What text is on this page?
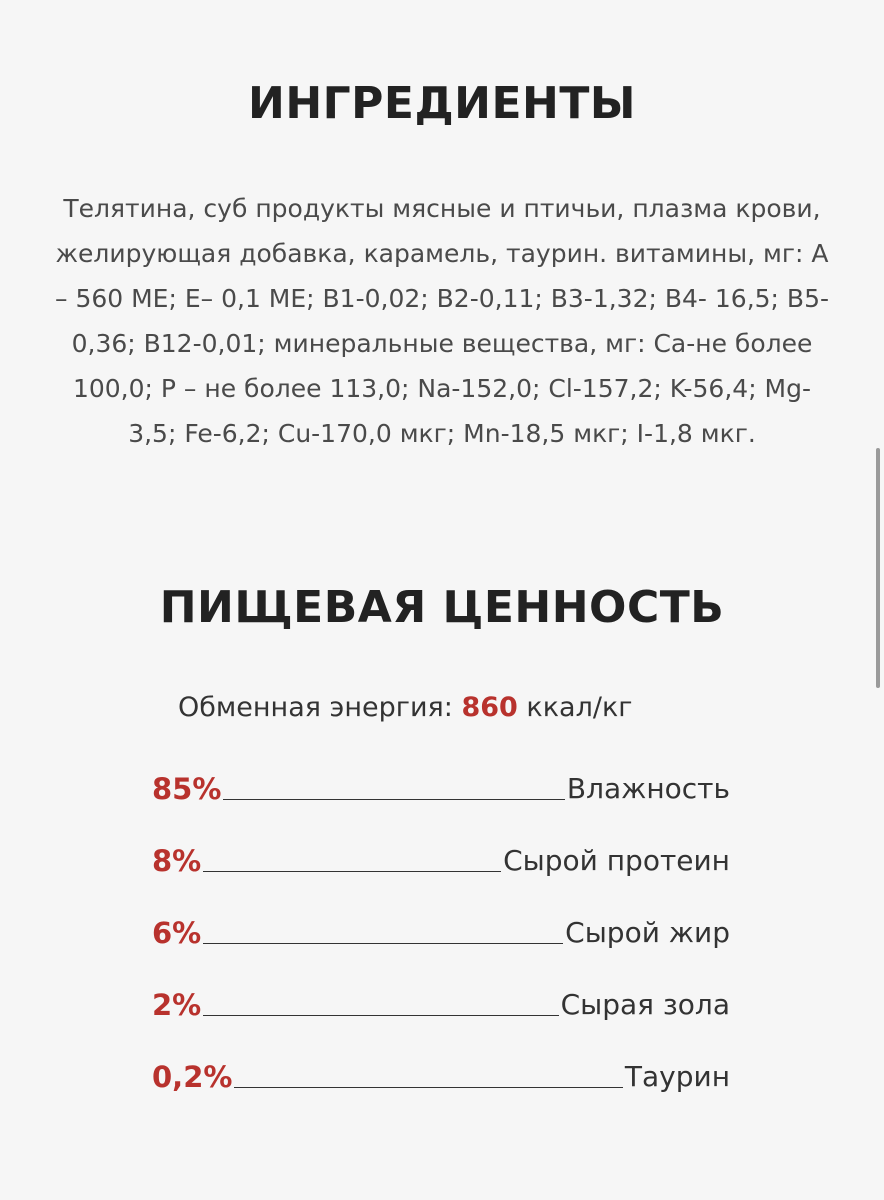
ИНГРЕДИЕНТЫ

Телятина, суб продукты мясные и птичьи, плазма крови,
желирующая добавка, карамель, таурин. витамины, мг: A
– 560 ME; E– 0,1 ME; B1-0,02; B2-0,11; B3-1,32; B4- 16,5; B5-
0,36; B12-0,01; минеральные вещества, мг: Ca-не более
100,0; P – не более 113,0; Na-152,0; Cl-157,2; K-56,4; Mg-
3,5; Fe-6,2; Cu-170,0 мкг; Mn-18,5 мкг; I-1,8 мкг.

ПИЩЕВАЯ ЦЕННОСТЬ
Обменная энергия: 860 ккал/кг
85%	Влажность
8%	Сырой протеин
6%	Сырой жир
2%	Сырая зола
0,2%	Таурин
